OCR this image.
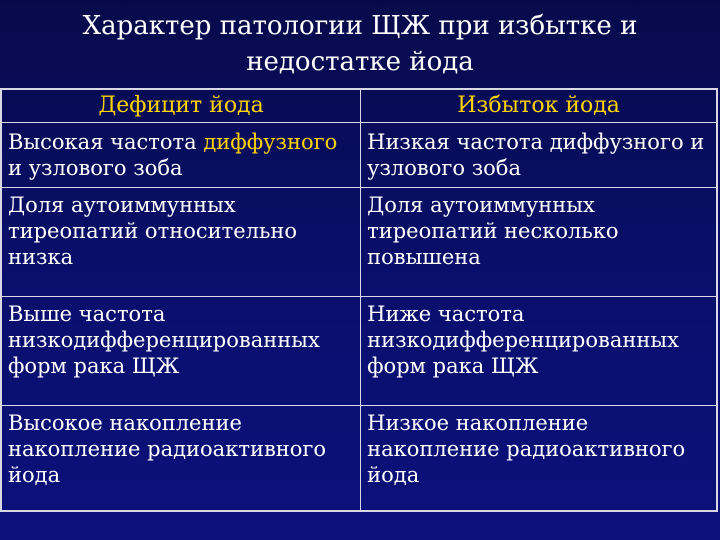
Характер патологии ЩЖ при избытке и
недостатке йода
Дефицит йода	Избыток йода
Высокая частота диффузного и узлового зоба	Низкая частота диффузного и узлового зоба
Доля аутоиммунных тиреопатий относительно низка	Доля аутоиммунных тиреопатий несколько повышена
Выше частота низкодифференцированных форм рака ЩЖ	Ниже частота низкодифференцированных форм рака ЩЖ
Высокое накопление накопление радиоактивного йода	Низкое накопление накопление радиоактивного йода
